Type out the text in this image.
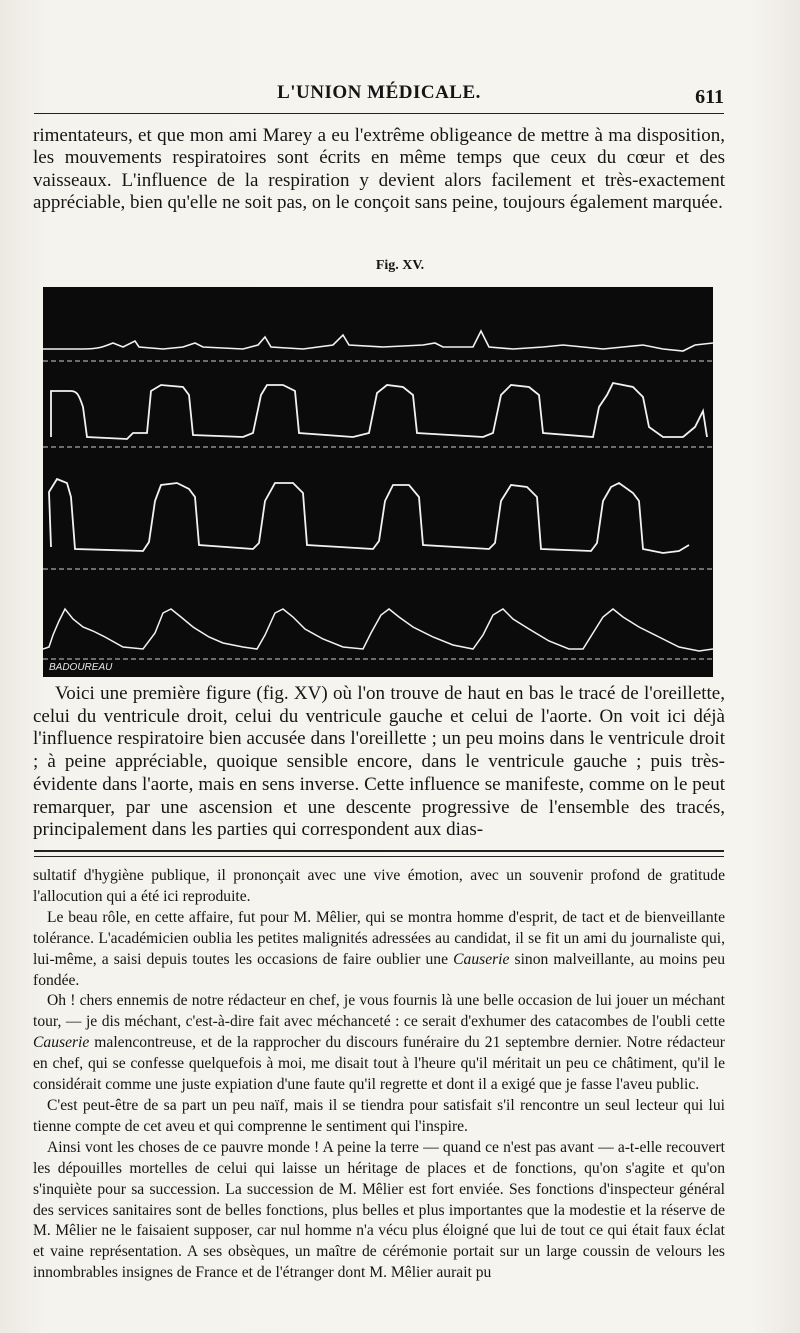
L'UNION MÉDICALE.	611

rimentateurs, et que mon ami Marey a eu l'extrême obligeance de mettre à ma disposition, les mouvements respiratoires sont écrits en même temps que ceux du cœur et des vaisseaux. L'influence de la respiration y devient alors facilement et très-exactement appréciable, bien qu'elle ne soit pas, on le conçoit sans peine, toujours également marquée.

Fig. XV.
BADOUREAU

Voici une première figure (fig. XV) où l'on trouve de haut en bas le tracé de l'oreillette, celui du ventricule droit, celui du ventricule gauche et celui de l'aorte. On voit ici déjà l'influence respiratoire bien accusée dans l'oreillette ; un peu moins dans le ventricule droit ; à peine appréciable, quoique sensible encore, dans le ventricule gauche ; puis très-évidente dans l'aorte, mais en sens inverse. Cette influence se manifeste, comme on le peut remarquer, par une ascension et une descente progressive de l'ensemble des tracés, principalement dans les parties qui correspondent aux dias-

sultatif d'hygiène publique, il prononçait avec une vive émotion, avec un souvenir profond de gratitude l'allocution qui a été ici reproduite.

Le beau rôle, en cette affaire, fut pour M. Mêlier, qui se montra homme d'esprit, de tact et de bienveillante tolérance. L'académicien oublia les petites malignités adressées au candidat, il se fit un ami du journaliste qui, lui-même, a saisi depuis toutes les occasions de faire oublier une Causerie sinon malveillante, au moins peu fondée.

Oh ! chers ennemis de notre rédacteur en chef, je vous fournis là une belle occasion de lui jouer un méchant tour, — je dis méchant, c'est-à-dire fait avec méchanceté : ce serait d'exhumer des catacombes de l'oubli cette Causerie malencontreuse, et de la rapprocher du discours funéraire du 21 septembre dernier. Notre rédacteur en chef, qui se confesse quelquefois à moi, me disait tout à l'heure qu'il méritait un peu ce châtiment, qu'il le considérait comme une juste expiation d'une faute qu'il regrette et dont il a exigé que je fasse l'aveu public.

C'est peut-être de sa part un peu naïf, mais il se tiendra pour satisfait s'il rencontre un seul lecteur qui lui tienne compte de cet aveu et qui comprenne le sentiment qui l'inspire.

Ainsi vont les choses de ce pauvre monde ! A peine la terre — quand ce n'est pas avant — a-t-elle recouvert les dépouilles mortelles de celui qui laisse un héritage de places et de fonctions, qu'on s'agite et qu'on s'inquiète pour sa succession. La succession de M. Mêlier est fort enviée. Ses fonctions d'inspecteur général des services sanitaires sont de belles fonctions, plus belles et plus importantes que la modestie et la réserve de M. Mêlier ne le faisaient supposer, car nul homme n'a vécu plus éloigné que lui de tout ce qui était faux éclat et vaine représentation. A ses obsèques, un maître de cérémonie portait sur un large coussin de velours les innombrables insignes de France et de l'étranger dont M. Mêlier aurait pu
